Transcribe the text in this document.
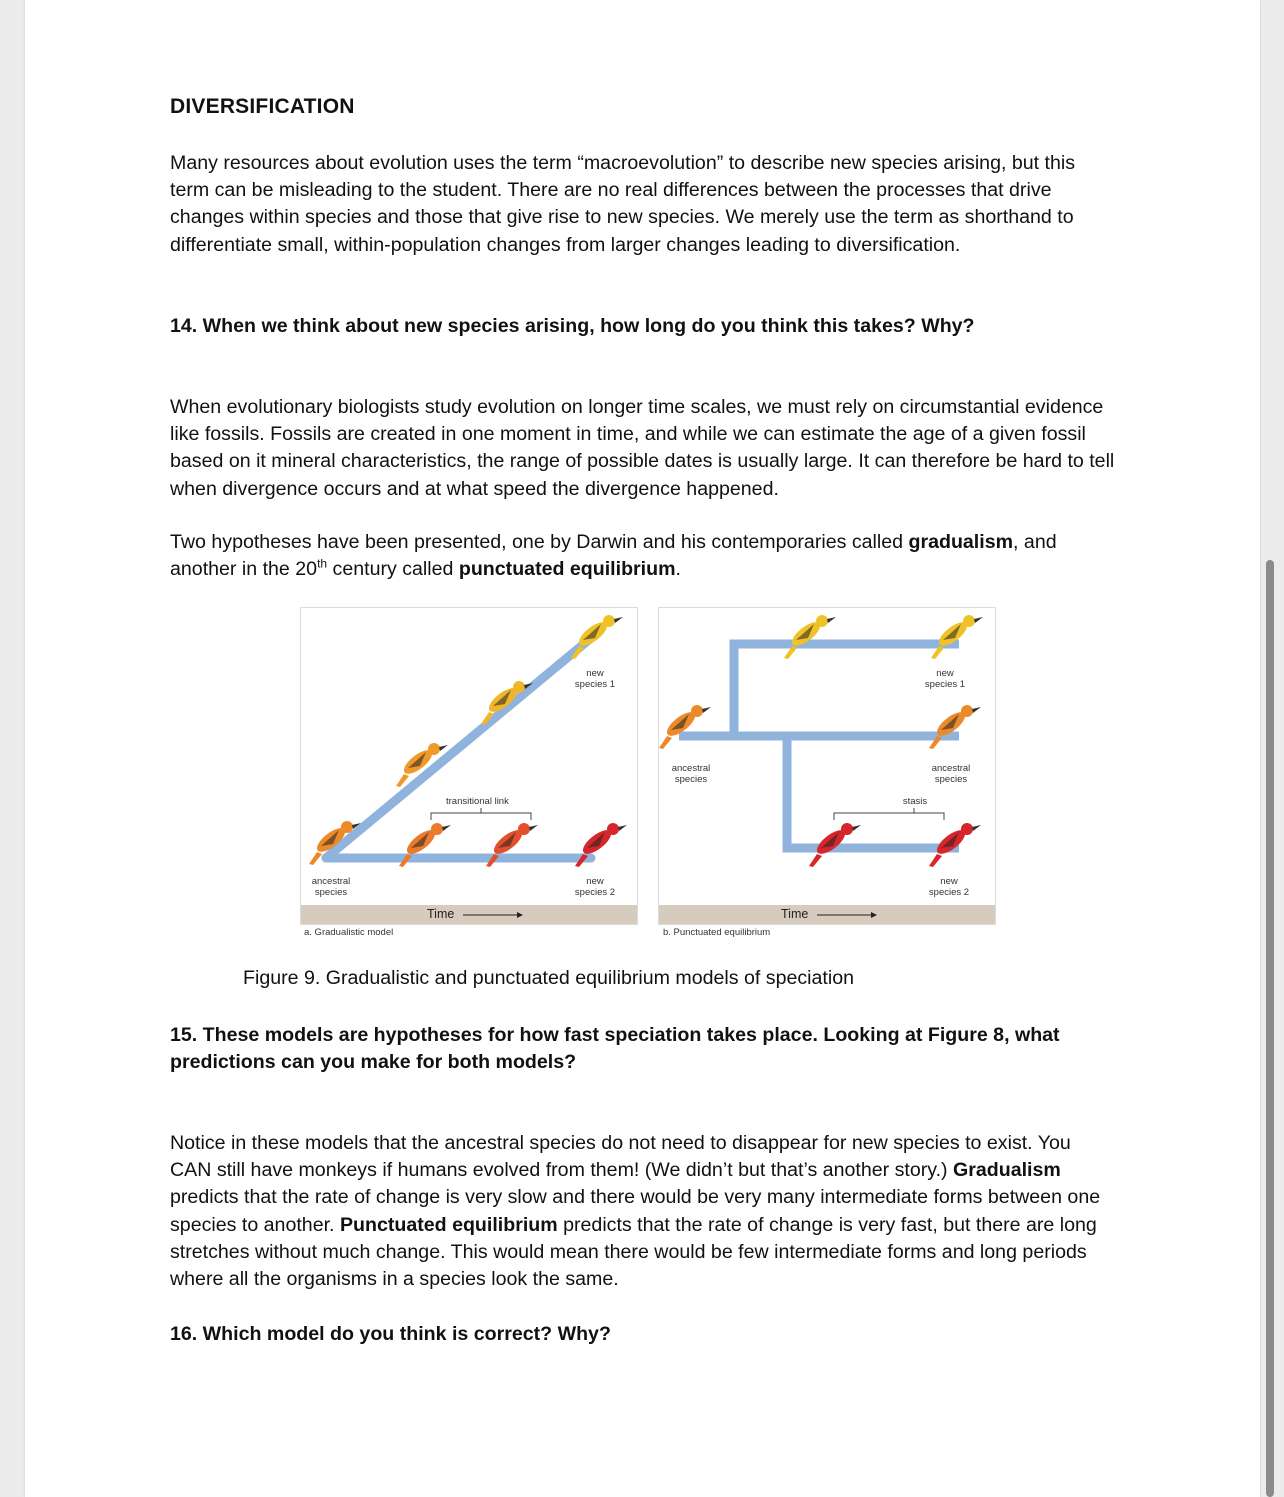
DIVERSIFICATION

Many resources about evolution uses the term “macroevolution” to describe new species arising, but this term can be misleading to the student. There are no real differences between the processes that drive changes within species and those that give rise to new species. We merely use the term as shorthand to differentiate small, within-population changes from larger changes leading to diversification.

14. When we think about new species arising, how long do you think this takes? Why?

When evolutionary biologists study evolution on longer time scales, we must rely on circumstantial evidence like fossils. Fossils are created in one moment in time, and while we can estimate the age of a given fossil based on it mineral characteristics, the range of possible dates is usually large. It can therefore be hard to tell when divergence occurs and at what speed the divergence happened.

Two hypotheses have been presented, one by Darwin and his contemporaries called gradualism, and another in the 20th century called punctuated equilibrium.

Figure 9. Gradualistic and punctuated equilibrium models of speciation

15. These models are hypotheses for how fast speciation takes place. Looking at Figure 8, what predictions can you make for both models?

Notice in these models that the ancestral species do not need to disappear for new species to exist. You CAN still have monkeys if humans evolved from them! (We didn’t but that’s another story.) Gradualism predicts that the rate of change is very slow and there would be very many intermediate forms between one species to another. Punctuated equilibrium predicts that the rate of change is very fast, but there are long stretches without much change. This would mean there would be few intermediate forms and long periods where all the organisms in a species look the same.

16. Which model do you think is correct? Why?

new
species 1
transitional link
ancestral
species
new
species 2
Time
a. Gradualistic model
new
species 1
ancestral
species
ancestral
species
stasis
new
species 2
Time
b. Punctuated equilibrium
